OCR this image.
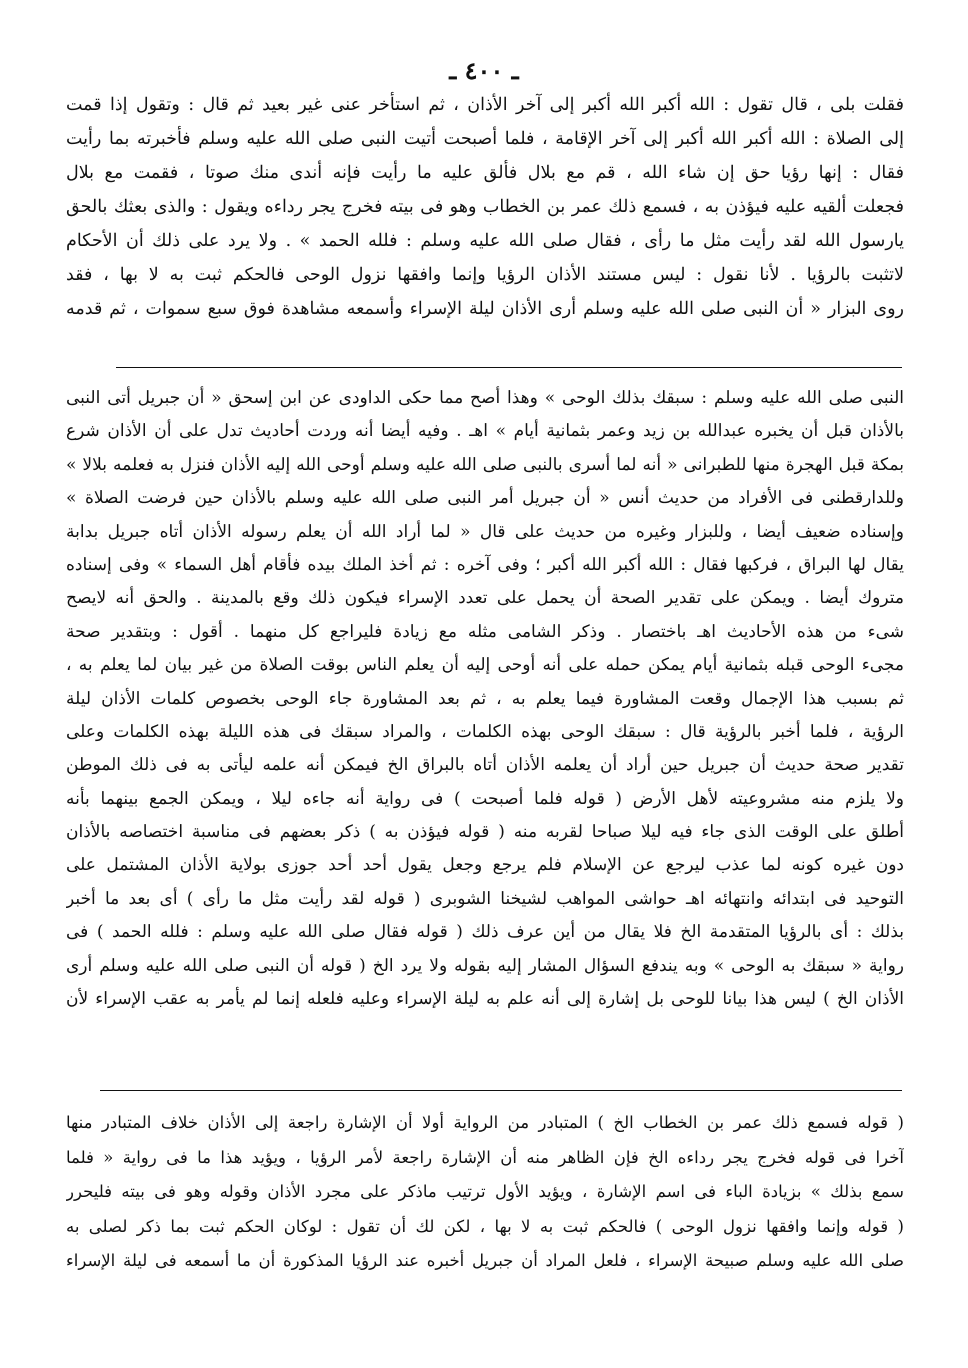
ـ ٤٠٠ ـ
فقلت بلى ، قال تقول : الله أكبر الله أكبر إلى آخر الأذان ، ثم استأخر عنى غير بعيد ثم قال : وتقول إذا قمت
إلى الصلاة : الله أكبر الله أكبر إلى آخر الإقامة ، فلما أصبحت أتيت النبى صلى الله عليه وسلم فأخبرته بما رأيت
فقال : إنها رؤيا حق إن شاء الله ، قم مع بلال فألق عليه ما رأيت فإنه أندى منك صوتا ، فقمت مع بلال
فجعلت ألقيه عليه فيؤذن به ، فسمع ذلك عمر بن الخطاب وهو فى بيته فخرج يجر رداءه ويقول : والذى بعثك بالحق
يارسول الله لقد رأيت مثل ما رأى ، فقال صلى الله عليه وسلم : فلله الحمد » . ولا يرد على ذلك أن الأحكام
لاتثبت بالرؤيا . لأنا نقول : ليس مستند الأذان الرؤيا وإنما وافقها نزول الوحى فالحكم ثبت به لا بها ، فقد
روى البزار « أن النبى صلى الله عليه وسلم أرى الأذان ليلة الإسراء وأسمعه مشاهدة فوق سبع سموات ، ثم قدمه
النبى صلى الله عليه وسلم : سبقك بذلك الوحى » وهذا أصح مما حكى الداودى عن ابن إسحق « أن جبريل أتى النبى
بالأذان قبل أن يخبره عبدالله بن زيد وعمر بثمانية أيام » اهـ . وفيه أيضا أنه وردت أحاديث تدل على أن الأذان شرع
بمكة قبل الهجرة منها للطبرانى « أنه لما أسرى بالنبى صلى الله عليه وسلم أوحى الله إليه الأذان فنزل به فعلمه بلالا »
وللدارقطنى فى الأفراد من حديث أنس « أن جبريل أمر النبى صلى الله عليه وسلم بالأذان حين فرضت الصلاة »
وإسناده ضعيف أيضا ، وللبزار وغيره من حديث على قال « لما أراد الله أن يعلم رسوله الأذان أتاه جبريل بدابة
يقال لها البراق ، فركبها فقال : الله أكبر الله أكبر ؛ وفى آخره : ثم أخذ الملك بيده فأقام أهل السماء » وفى إسناده
متروك أيضا . ويمكن على تقدير الصحة أن يحمل على تعدد الإسراء فيكون ذلك وقع بالمدينة . والحق أنه لايصح
شىء من هذه الأحاديث اهـ باختصار . وذكر الشامى مثله مع زيادة فليراجع كل منهما . أقول : وبتقدير صحة
مجىء الوحى قبله بثمانية أيام يمكن حمله على أنه أوحى إليه أن يعلم الناس بوقت الصلاة من غير بيان لما يعلم به ،
ثم بسبب هذا الإجمال وقعت المشاورة فيما يعلم به ، ثم بعد المشاورة جاء الوحى بخصوص كلمات الأذان ليلة
الرؤية ، فلما أخبر بالرؤية قال : سبقك الوحى بهذه الكلمات ، والمراد سبقك فى هذه الليلة بهذه الكلمات وعلى
تقدير صحة حديث أن جبريل حين أراد أن يعلمه الأذان أتاه بالبراق الخ فيمكن أنه علمه ليأتى به فى ذلك الموطن
ولا يلزم منه مشروعيته لأهل الأرض ( قوله فلما أصبحت ) فى رواية أنه جاءه ليلا ، ويمكن الجمع بينهما بأنه
أطلق على الوقت الذى جاء فيه ليلا صباحا لقربه منه ( قوله فيؤذن به ) ذكر بعضهم فى مناسبة اختصاصه بالأذان
دون غيره كونه لما عذب ليرجع عن الإسلام فلم يرجع وجعل يقول أحد أحد جوزى بولاية الأذان المشتمل على
التوحيد فى ابتدائه وانتهائه اهـ حواشى المواهب لشيخنا الشوبرى ( قوله لقد رأيت مثل ما رأى ) أى بعد ما أخبر
بذلك : أى بالرؤيا المتقدمة الخ فلا يقال من أين عرف ذلك ( قوله فقال صلى الله عليه وسلم : فلله الحمد ) فى
رواية « سبقك به الوحى » وبه يندفع السؤال المشار إليه بقوله ولا يرد الخ ( قوله أن النبى صلى الله عليه وسلم أرى
الأذان الخ ) ليس هذا بيانا للوحى بل إشارة إلى أنه علم به ليلة الإسراء وعليه فلعله إنما لم يأمر به عقب الإسراء لأن
( قوله فسمع ذلك عمر بن الخطاب الخ ) المتبادر من الرواية أولا أن الإشارة راجعة إلى الأذان خلاف المتبادر منها
آخرا فى قوله فخرج يجر رداءه الخ فإن الظاهر منه أن الإشارة راجعة لأمر الرؤيا ، ويؤيد هذا ما فى رواية « فلما
سمع بذلك » بزيادة الباء فى اسم الإشارة ، ويؤيد الأول ترتيب ماذكر على مجرد الأذان وقوله وهو فى بيته فليحرر
( قوله وإنما وافقها نزول الوحى ) فالحكم ثبت به لا بها ، لكن لك أن تقول : لوكان الحكم ثبت بما ذكر لصلى به
صلى الله عليه وسلم صبيحة الإسراء ، فلعل المراد أن جبريل أخبره عند الرؤيا المذكورة أن ما أسمعه فى ليلة الإسراء
